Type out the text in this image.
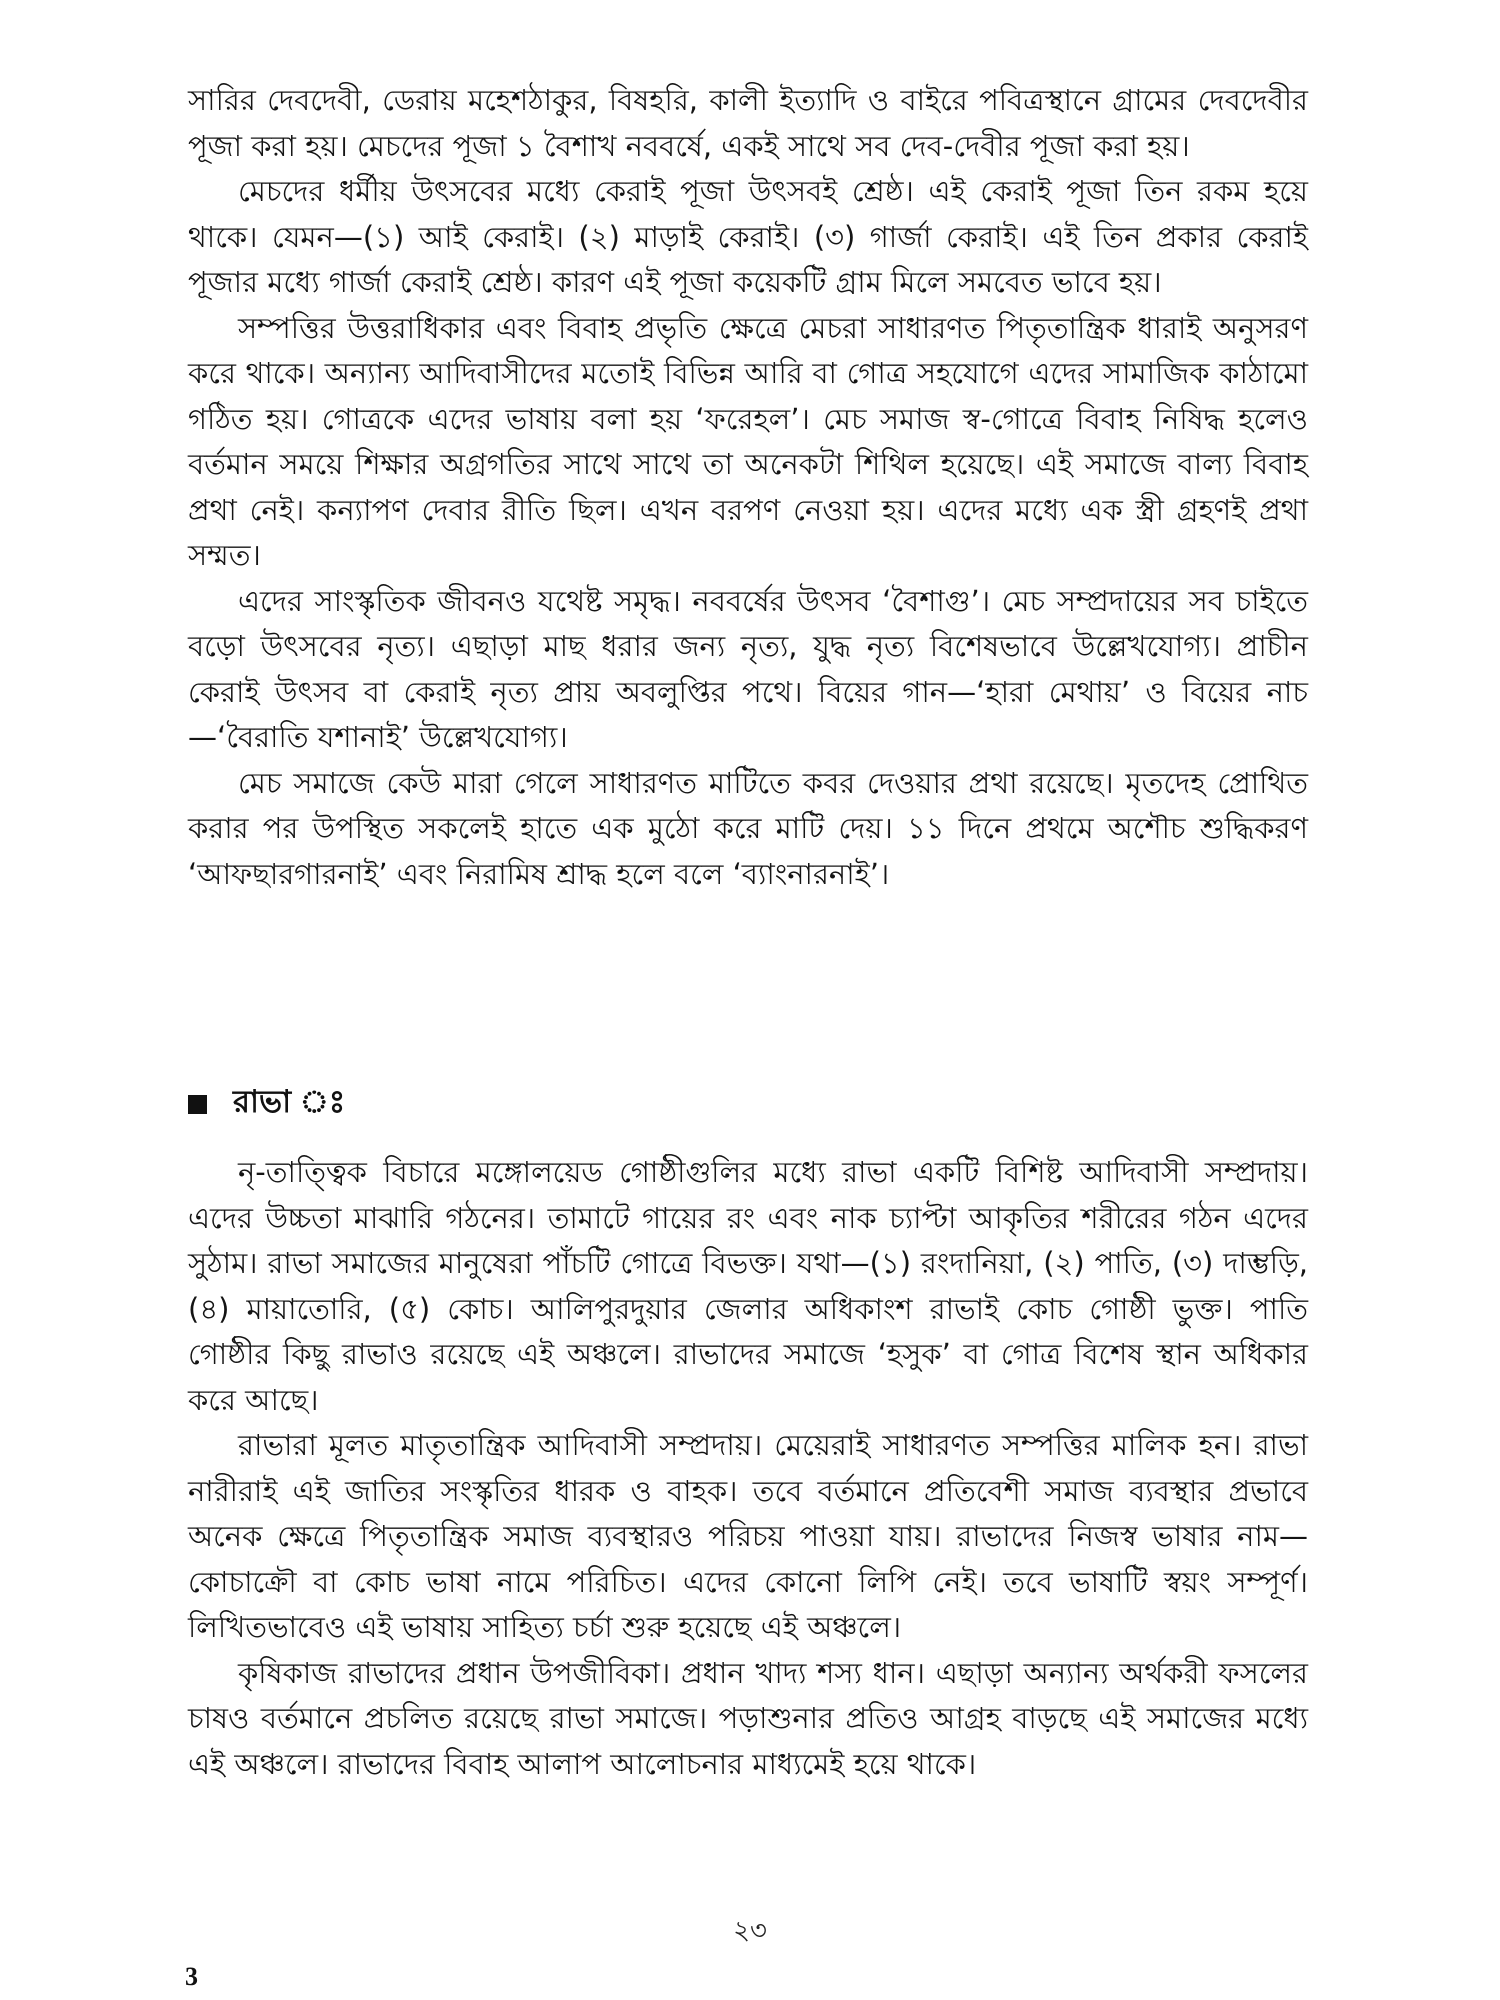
সারির দেবদেবী, ডেরায় মহেশঠাকুর, বিষহরি, কালী ইত্যাদি ও বাইরে পবিত্রস্থানে গ্রামের দেবদেবীর পূজা করা হয়। মেচদের পূজা ১ বৈশাখ নববর্ষে, একই সাথে সব দেব-দেবীর পূজা করা হয়।

মেচদের ধর্মীয় উৎসবের মধ্যে কেরাই পূজা উৎসবই শ্রেষ্ঠ। এই কেরাই পূজা তিন রকম হয়ে থাকে। যেমন—(১) আই কেরাই। (২) মাড়াই কেরাই। (৩) গার্জা কেরাই। এই তিন প্রকার কেরাই পূজার মধ্যে গার্জা কেরাই শ্রেষ্ঠ। কারণ এই পূজা কয়েকটি গ্রাম মিলে সমবেত ভাবে হয়।

সম্পত্তির উত্তরাধিকার এবং বিবাহ প্রভৃতি ক্ষেত্রে মেচরা সাধারণত পিতৃতান্ত্রিক ধারাই অনুসরণ করে থাকে। অন্যান্য আদিবাসীদের মতোই বিভিন্ন আরি বা গোত্র সহযোগে এদের সামাজিক কাঠামো গঠিত হয়। গোত্রকে এদের ভাষায় বলা হয় ‘ফরেহল’। মেচ সমাজ স্ব-গোত্রে বিবাহ নিষিদ্ধ হলেও বর্তমান সময়ে শিক্ষার অগ্রগতির সাথে সাথে তা অনেকটা শিথিল হয়েছে। এই সমাজে বাল্য বিবাহ প্রথা নেই। কন্যাপণ দেবার রীতি ছিল। এখন বরপণ নেওয়া হয়। এদের মধ্যে এক স্ত্রী গ্রহণই প্রথা সম্মত।

এদের সাংস্কৃতিক জীবনও যথেষ্ট সমৃদ্ধ। নববর্ষের উৎসব ‘বৈশাগু’। মেচ সম্প্রদায়ের সব চাইতে বড়ো উৎসবের নৃত্য। এছাড়া মাছ ধরার জন্য নৃত্য, যুদ্ধ নৃত্য বিশেষভাবে উল্লেখযোগ্য। প্রাচীন কেরাই উৎসব বা কেরাই নৃত্য প্রায় অবলুপ্তির পথে। বিয়ের গান—‘হারা মেথায়’ ও বিয়ের নাচ—‘বৈরাতি যশানাই’ উল্লেখযোগ্য।

মেচ সমাজে কেউ মারা গেলে সাধারণত মাটিতে কবর দেওয়ার প্রথা রয়েছে। মৃতদেহ প্রোথিত করার পর উপস্থিত সকলেই হাতে এক মুঠো করে মাটি দেয়। ১১ দিনে প্রথমে অশৌচ শুদ্ধিকরণ ‘আফছারগারনাই’ এবং নিরামিষ শ্রাদ্ধ হলে বলে ‘ব্যাংনারনাই’।

রাভা ঃ

নৃ-তাত্ত্বিক বিচারে মঙ্গোলয়েড গোষ্ঠীগুলির মধ্যে রাভা একটি বিশিষ্ট আদিবাসী সম্প্রদায়। এদের উচ্চতা মাঝারি গঠনের। তামাটে গায়ের রং এবং নাক চ্যাপ্টা আকৃতির শরীরের গঠন এদের সুঠাম। রাভা সমাজের মানুষেরা পাঁচটি গোত্রে বিভক্ত। যথা—(১) রংদানিয়া, (২) পাতি, (৩) দাম্ভড়ি, (৪) মায়াতোরি, (৫) কোচ। আলিপুরদুয়ার জেলার অধিকাংশ রাভাই কোচ গোষ্ঠী ভুক্ত। পাতি গোষ্ঠীর কিছু রাভাও রয়েছে এই অঞ্চলে। রাভাদের সমাজে ‘হসুক’ বা গোত্র বিশেষ স্থান অধিকার করে আছে।

রাভারা মূলত মাতৃতান্ত্রিক আদিবাসী সম্প্রদায়। মেয়েরাই সাধারণত সম্পত্তির মালিক হন। রাভা নারীরাই এই জাতির সংস্কৃতির ধারক ও বাহক। তবে বর্তমানে প্রতিবেশী সমাজ ব্যবস্থার প্রভাবে অনেক ক্ষেত্রে পিতৃতান্ত্রিক সমাজ ব্যবস্থারও পরিচয় পাওয়া যায়। রাভাদের নিজস্ব ভাষার নাম—কোচাক্রৌ বা কোচ ভাষা নামে পরিচিত। এদের কোনো লিপি নেই। তবে ভাষাটি স্বয়ং সম্পূর্ণ। লিখিতভাবেও এই ভাষায় সাহিত্য চর্চা শুরু হয়েছে এই অঞ্চলে।

কৃষিকাজ রাভাদের প্রধান উপজীবিকা। প্রধান খাদ্য শস্য ধান। এছাড়া অন্যান্য অর্থকরী ফসলের চাষও বর্তমানে প্রচলিত রয়েছে রাভা সমাজে। পড়াশুনার প্রতিও আগ্রহ বাড়ছে এই সমাজের মধ্যে এই অঞ্চলে। রাভাদের বিবাহ আলাপ আলোচনার মাধ্যমেই হয়ে থাকে।

২৩
3
